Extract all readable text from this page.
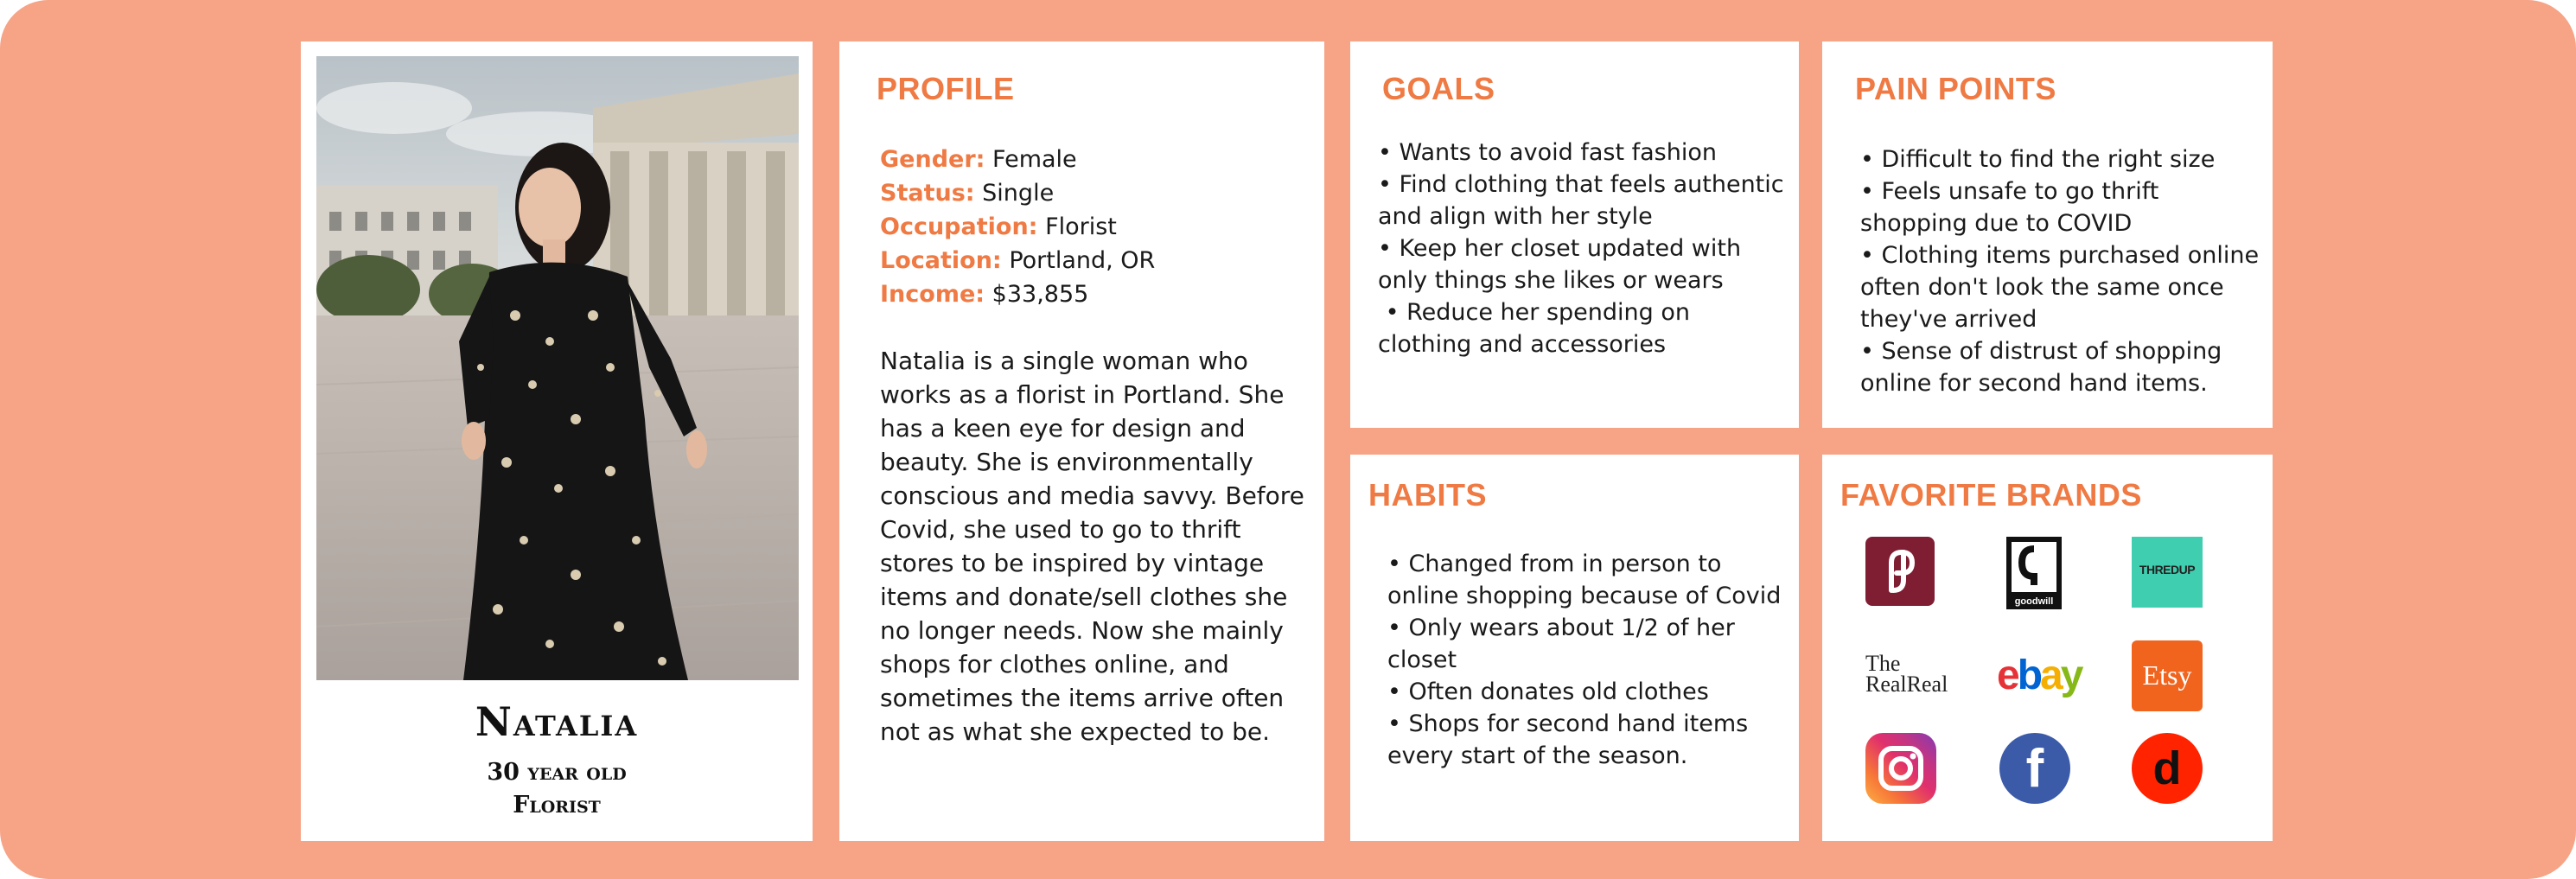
Natalia
30 year old
Florist
PROFILE
Gender: Female
Status: Single
Occupation: Florist
Location: Portland, OR
Income: $33,855
Natalia is a single woman who
works as a florist in Portland. She
has a keen eye for design and
beauty. She is environmentally
conscious and media savvy. Before
Covid, she used to go to thrift
stores to be inspired by vintage
items and donate/sell clothes she
no longer needs. Now she mainly
shops for clothes online, and
sometimes the items arrive often
not as what she expected to be.
GOALS
• Wants to avoid fast fashion
• Find clothing that feels authentic
and align with her style
• Keep her closet updated with
only things she likes or wears
• Reduce her spending on
clothing and accessories
PAIN POINTS
• Difficult to find the right size
• Feels unsafe to go thrift
shopping due to COVID
• Clothing items purchased online
often don't look the same once
they've arrived
• Sense of distrust of shopping
online for second hand items.
HABITS
• Changed from in person to
online shopping because of Covid
• Only wears about 1/2 of her
closet
• Often donates old clothes
• Shops for second hand items
every start of the season.
FAVORITE BRANDS
goodwill
THREDUP
The
RealReal	ebay	Etsy
f	d
